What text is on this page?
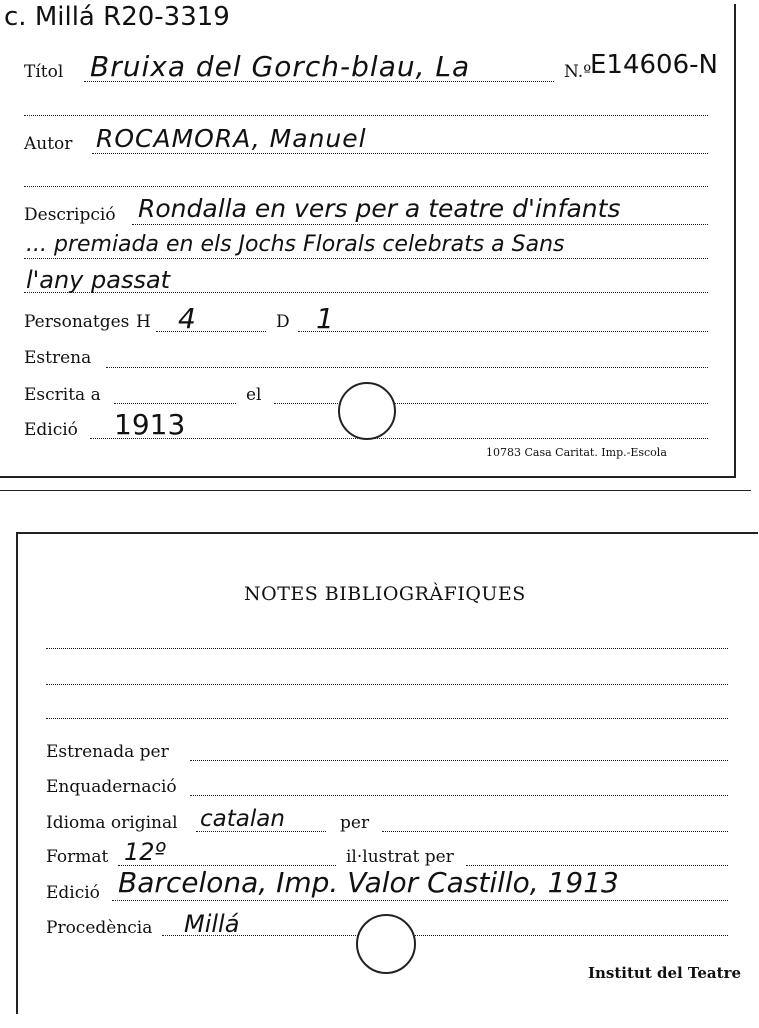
c. Millá R20-3319
Títol Bruixa del Gorch-blau, La	N.º
E14606-N
Autor ROCAMORA, Manuel
Descripció Rondalla en vers per a teatre d'infants
... premiada en els Jochs Florals celebrats a Sans
l'any passat
Personatges H 4	D 1
Estrena
Escrita a	el
Edició 1913
10783 Casa Caritat. Imp.-Escola
NOTES BIBLIOGRÀFIQUES
Estrenada per
Enquadernació
Idioma original catalan	per
Format 12º	il·lustrat per
Edició Barcelona, Imp. Valor Castillo, 1913
Procedència Millá
Institut del Teatre
